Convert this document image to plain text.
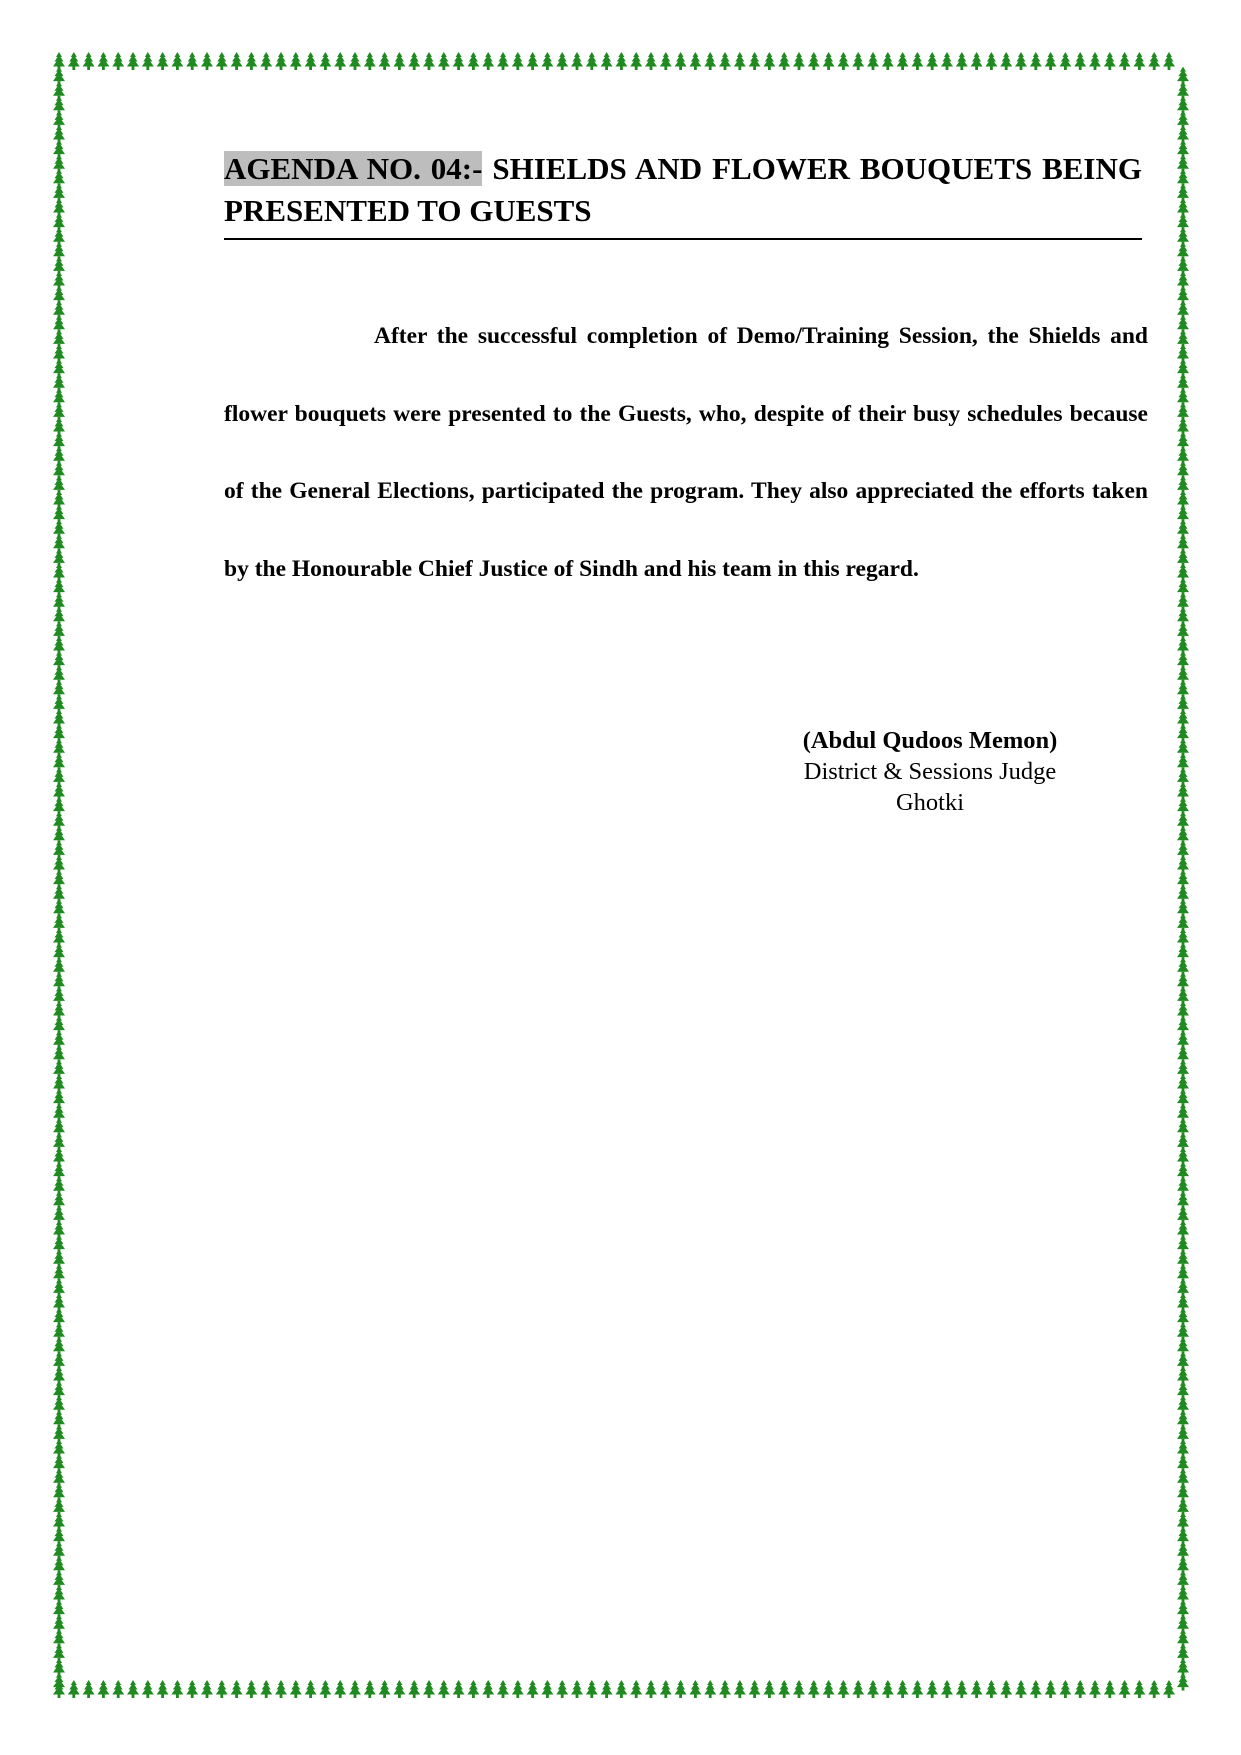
AGENDA NO. 04:- SHIELDS AND FLOWER BOUQUETS BEING PRESENTED TO GUESTS

After the successful completion of Demo/Training Session, the Shields and flower bouquets were presented to the Guests, who, despite of their busy schedules because of the General Elections, participated the program. They also appreciated the efforts taken by the Honourable Chief Justice of Sindh and his team in this regard.

(Abdul Qudoos Memon)
District & Sessions Judge
Ghotki
